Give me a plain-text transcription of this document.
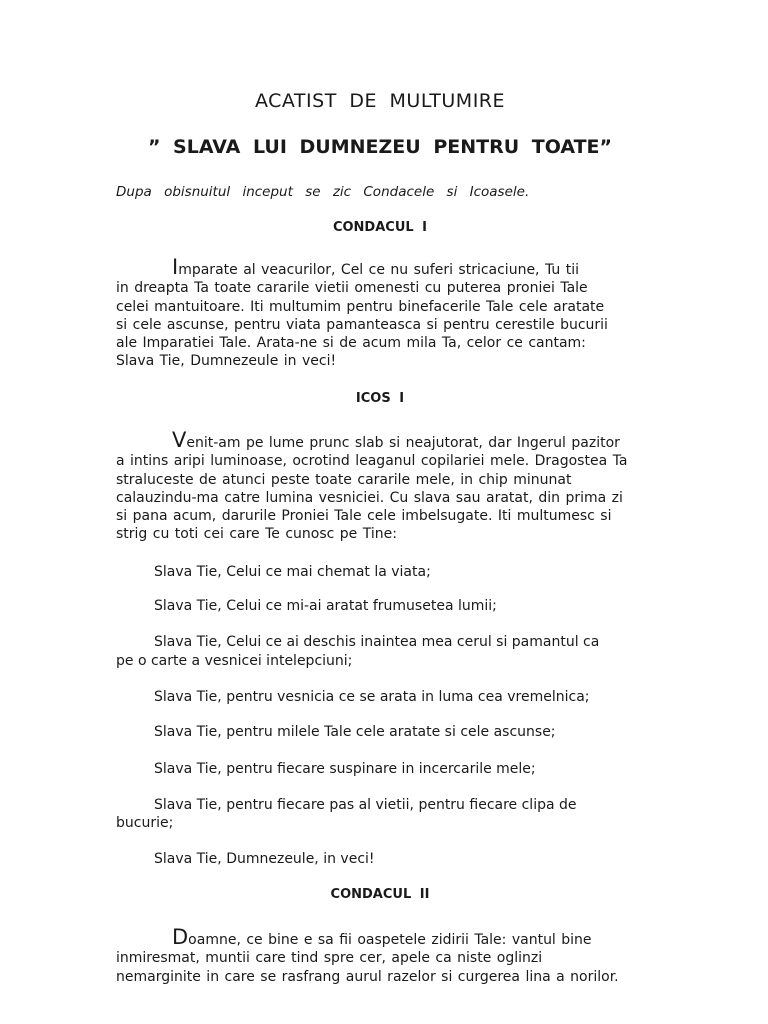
ACATIST DE MULTUMIRE
” SLAVA LUI DUMNEZEU PENTRU TOATE”
Dupa obisnuitul inceput se zic Condacele si Icoasele.
CONDACUL I
Imparate al veacurilor, Cel ce nu suferi stricaciune, Tu tii
in dreapta Ta toate cararile vietii omenesti cu puterea proniei Tale
celei mantuitoare. Iti multumim pentru binefacerile Tale cele aratate
si cele ascunse, pentru viata pamanteasca si pentru cerestile bucurii
ale Imparatiei Tale. Arata-ne si de acum mila Ta, celor ce cantam:
Slava Tie, Dumnezeule in veci!
ICOS I
Venit-am pe lume prunc slab si neajutorat, dar Ingerul pazitor
a intins aripi luminoase, ocrotind leaganul copilariei mele. Dragostea Ta
straluceste de atunci peste toate cararile mele, in chip minunat
calauzindu-ma catre lumina vesniciei. Cu slava sau aratat, din prima zi
si pana acum, darurile Proniei Tale cele imbelsugate. Iti multumesc si
strig cu toti cei care Te cunosc pe Tine:
Slava Tie, Celui ce mai chemat la viata;
Slava Tie, Celui ce mi-ai aratat frumusetea lumii;
Slava Tie, Celui ce ai deschis inaintea mea cerul si pamantul ca
pe o carte a vesnicei intelepciuni;
Slava Tie, pentru vesnicia ce se arata in luma cea vremelnica;
Slava Tie, pentru milele Tale cele aratate si cele ascunse;
Slava Tie, pentru fiecare suspinare in incercarile mele;
Slava Tie, pentru fiecare pas al vietii, pentru fiecare clipa de
bucurie;
Slava Tie, Dumnezeule, in veci!
CONDACUL II
Doamne, ce bine e sa fii oaspetele zidirii Tale: vantul bine
inmiresmat, muntii care tind spre cer, apele ca niste oglinzi
nemarginite in care se rasfrang aurul razelor si curgerea lina a norilor.
